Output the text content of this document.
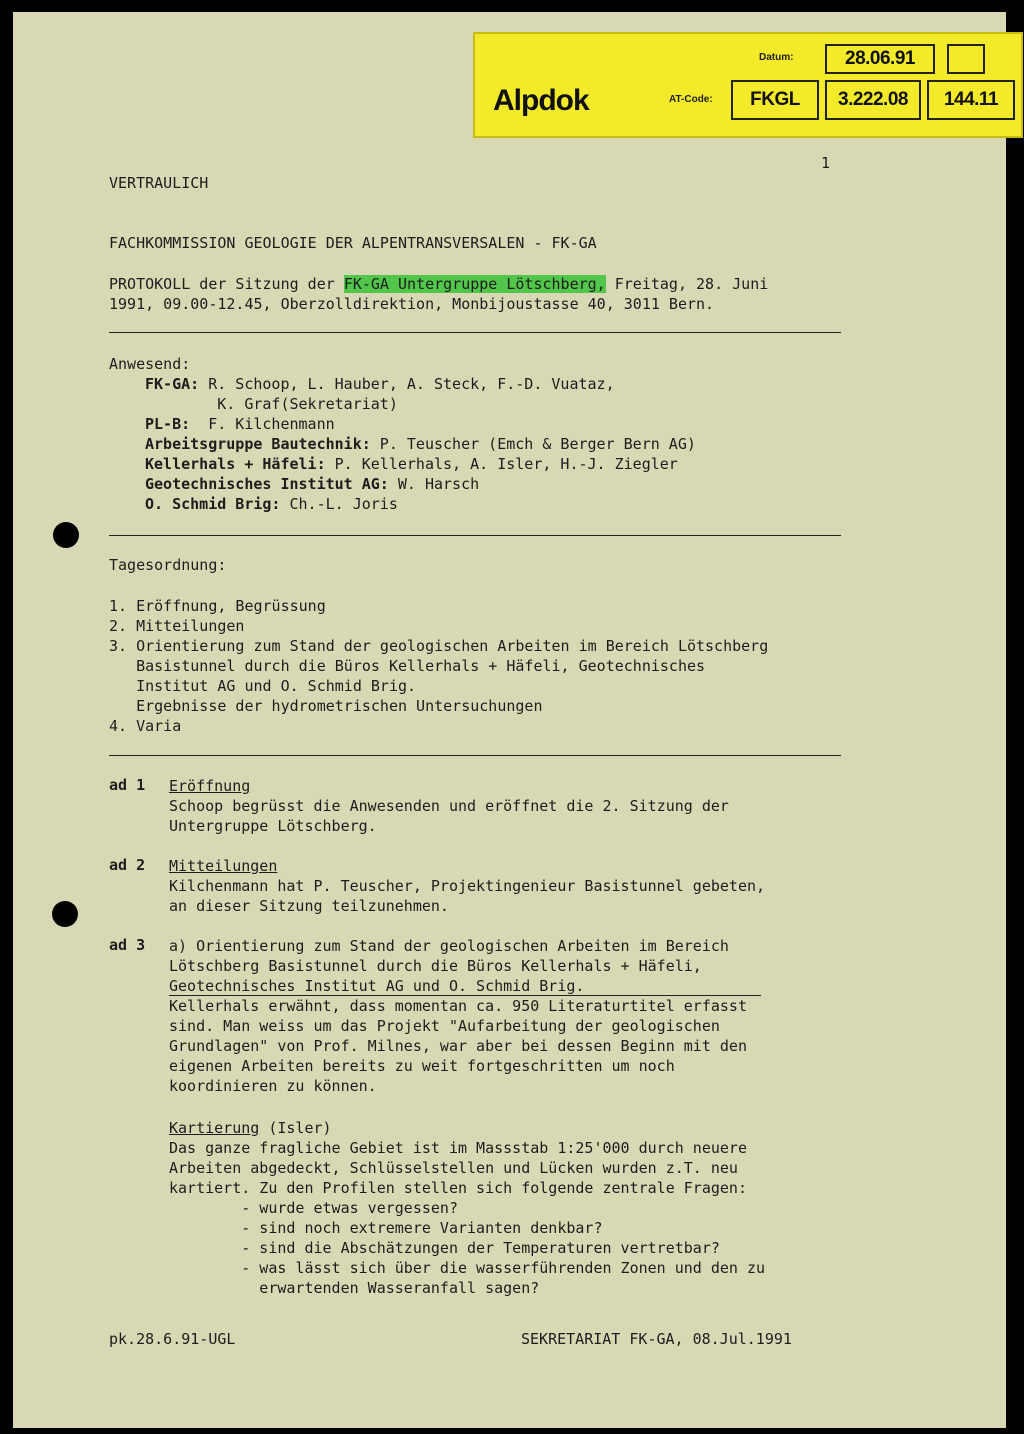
Alpdok
Datum:	28.06.91
AT-Code:	FKGL	3.222.08	144.11
1
VERTRAULICH
FACHKOMMISSION GEOLOGIE DER ALPENTRANSVERSALEN - FK-GA
PROTOKOLL der Sitzung der FK-GA Untergruppe Lötschberg, Freitag, 28. Juni
1991, 09.00-12.45, Oberzolldirektion, Monbijoustasse 40, 3011 Bern.
Anwesend:
FK-GA: R. Schoop, L. Hauber, A. Steck, F.-D. Vuataz,
K. Graf(Sekretariat)
PL-B:  F. Kilchenmann
Arbeitsgruppe Bautechnik: P. Teuscher (Emch & Berger Bern AG)
Kellerhals + Häfeli: P. Kellerhals, A. Isler, H.-J. Ziegler
Geotechnisches Institut AG: W. Harsch
O. Schmid Brig: Ch.-L. Joris
Tagesordnung:
1. Eröffnung, Begrüssung
2. Mitteilungen
3. Orientierung zum Stand der geologischen Arbeiten im Bereich Lötschberg
Basistunnel durch die Büros Kellerhals + Häfeli, Geotechnisches
Institut AG und O. Schmid Brig.
Ergebnisse der hydrometrischen Untersuchungen
4. Varia
ad 1 Eröffnung
Schoop begrüsst die Anwesenden und eröffnet die 2. Sitzung der
Untergruppe Lötschberg.
ad 2 Mitteilungen
Kilchenmann hat P. Teuscher, Projektingenieur Basistunnel gebeten,
an dieser Sitzung teilzunehmen.
ad 3 a) Orientierung zum Stand der geologischen Arbeiten im Bereich
Lötschberg Basistunnel durch die Büros Kellerhals + Häfeli,
Geotechnisches Institut AG und O. Schmid Brig.
Kellerhals erwähnt, dass momentan ca. 950 Literaturtitel erfasst
sind. Man weiss um das Projekt "Aufarbeitung der geologischen
Grundlagen" von Prof. Milnes, war aber bei dessen Beginn mit den
eigenen Arbeiten bereits zu weit fortgeschritten um noch
koordinieren zu können.
Kartierung (Isler)
Das ganze fragliche Gebiet ist im Massstab 1:25'000 durch neuere
Arbeiten abgedeckt, Schlüsselstellen und Lücken wurden z.T. neu
kartiert. Zu den Profilen stellen sich folgende zentrale Fragen:
- wurde etwas vergessen?
- sind noch extremere Varianten denkbar?
- sind die Abschätzungen der Temperaturen vertretbar?
- was lässt sich über die wasserführenden Zonen und den zu
erwartenden Wasseranfall sagen?
pk.28.6.91-UGL	SEKRETARIAT FK-GA, 08.Jul.1991
